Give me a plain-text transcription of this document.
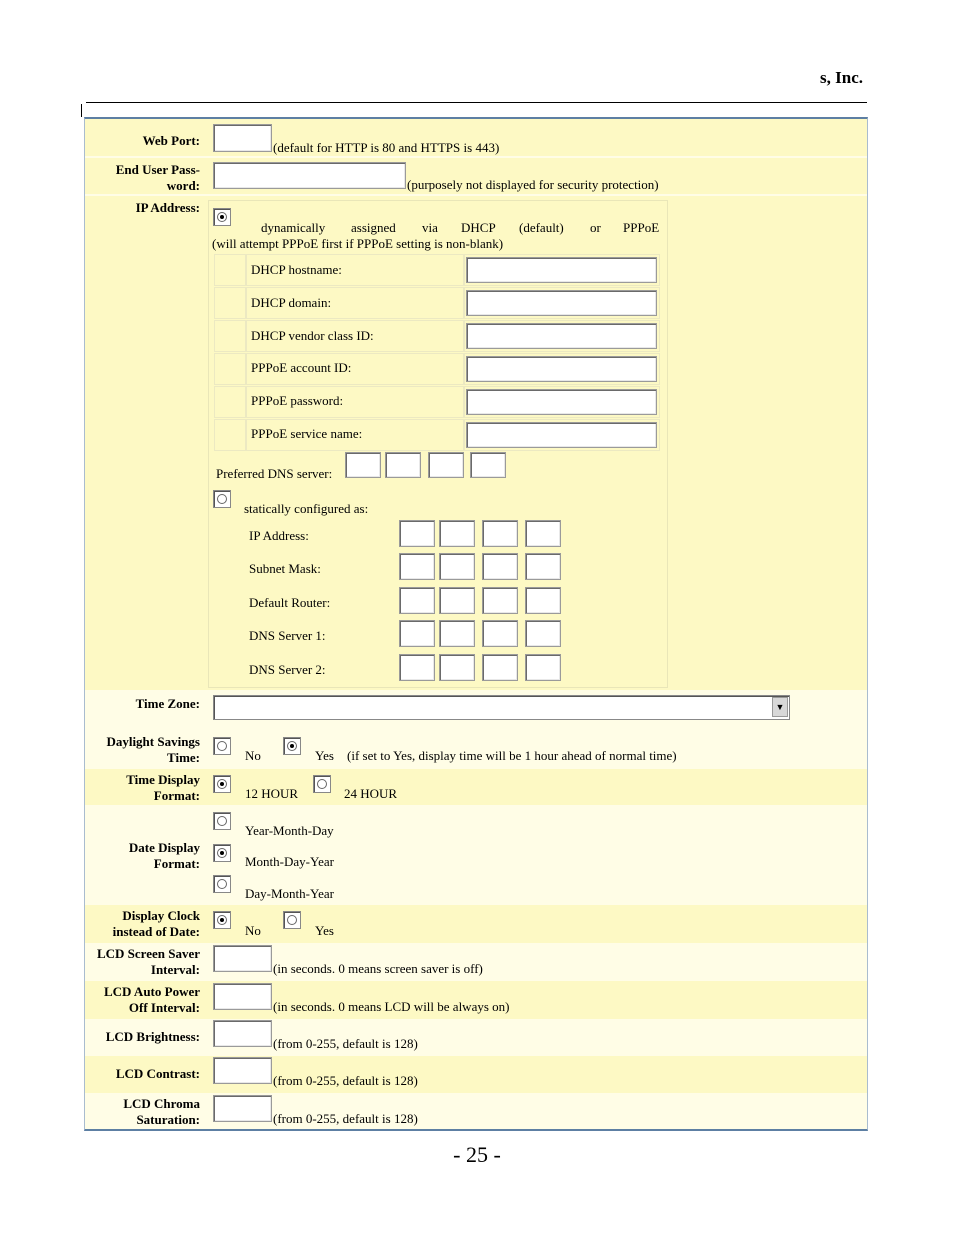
s, Inc.
Web Port:	(default for HTTP is 80 and HTTPS is 443)
End User Pass-
word:	(purposely not displayed for security protection)
IP Address:
dynamically assigned via DHCP (default) or PPPoE
(will attempt PPPoE first if PPPoE setting is non-blank)
DHCP hostname:
DHCP domain:
DHCP vendor class ID:
PPPoE account ID:
PPPoE password:
PPPoE service name:
Preferred DNS server:
statically configured as:
IP Address:
Subnet Mask:
Default Router:
DNS Server 1:
DNS Server 2:
Time Zone:	▼
Daylight Savings
Time:	No	Yes (if set to Yes, display time will be 1 hour ahead of normal time)
Time Display
Format:	12 HOUR	24 HOUR
Date Display
Format:
Year-Month-Day
Month-Day-Year
Day-Month-Year
Display Clock
instead of Date:	No	Yes
LCD Screen Saver
Interval:	(in seconds. 0 means screen saver is off)
LCD Auto Power
Off Interval:	(in seconds. 0 means LCD will be always on)
LCD Brightness:	(from 0-255, default is 128)
LCD Contrast:	(from 0-255, default is 128)
LCD Chroma
Saturation:	(from 0-255, default is 128)
- 25 -
